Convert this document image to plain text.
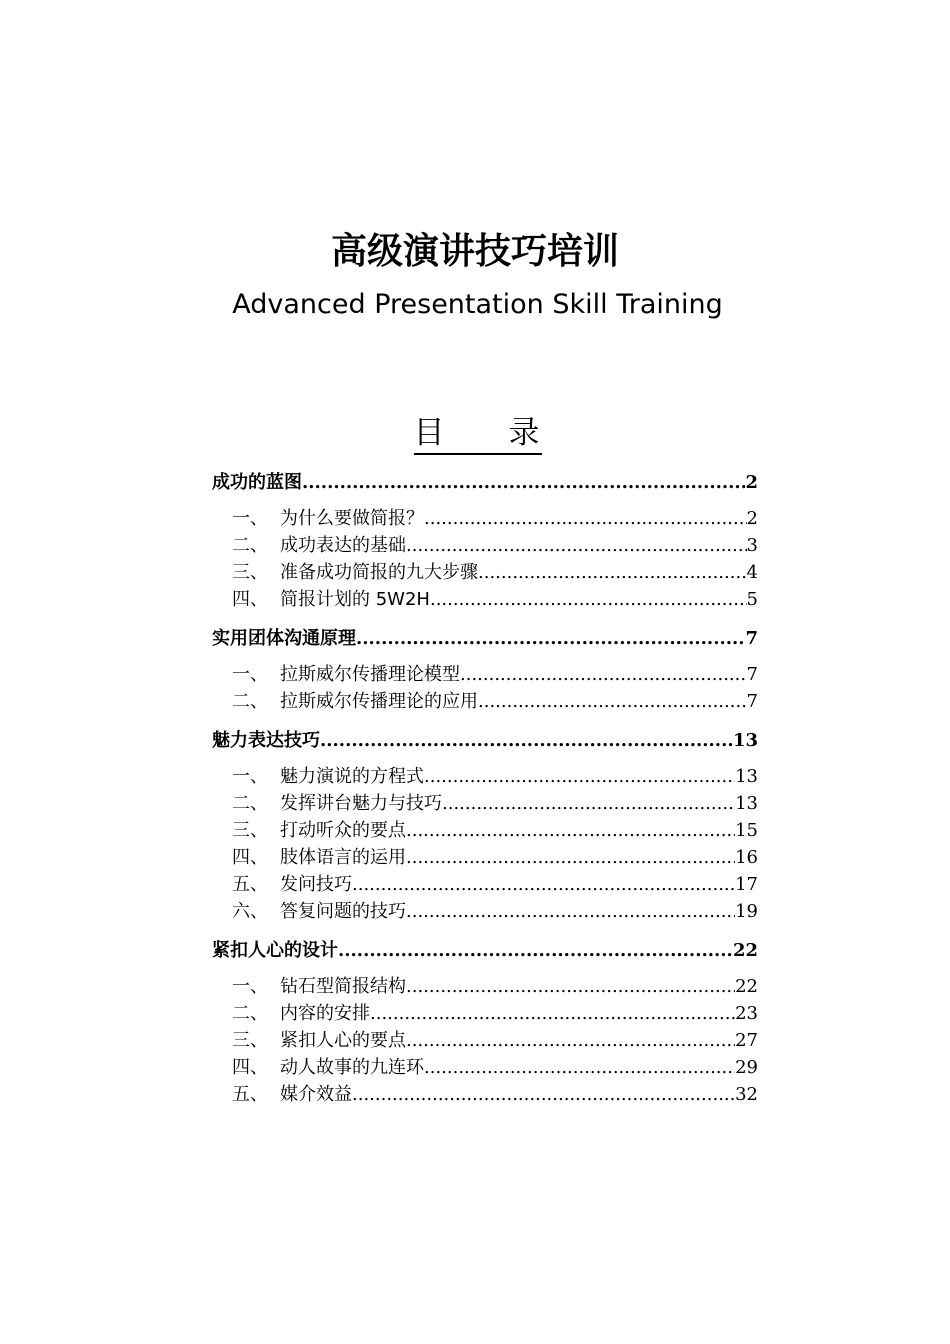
高级演讲技巧培训
Advanced Presentation Skill Training
目 录
成功的蓝图 .....	2
一、 为什么要做简报？ .....	2
二、 成功表达的基础 .....	3
三、 准备成功简报的九大步骤 .....	4
四、 简报计划的 5W2H .....	5
实用团体沟通原理 .....	7
一、 拉斯威尔传播理论模型 .....	7
二、 拉斯威尔传播理论的应用 .....	7
魅力表达技巧 .....	13
一、 魅力演说的方程式 .....	13
二、 发挥讲台魅力与技巧 .....	13
三、 打动听众的要点 .....	15
四、 肢体语言的运用 .....	16
五、 发问技巧 .....	17
六、 答复问题的技巧 .....	19
紧扣人心的设计 .....	22
一、 钻石型简报结构 .....	22
二、 内容的安排 .....	23
三、 紧扣人心的要点 .....	27
四、 动人故事的九连环 .....	29
五、 媒介效益 .....	32
